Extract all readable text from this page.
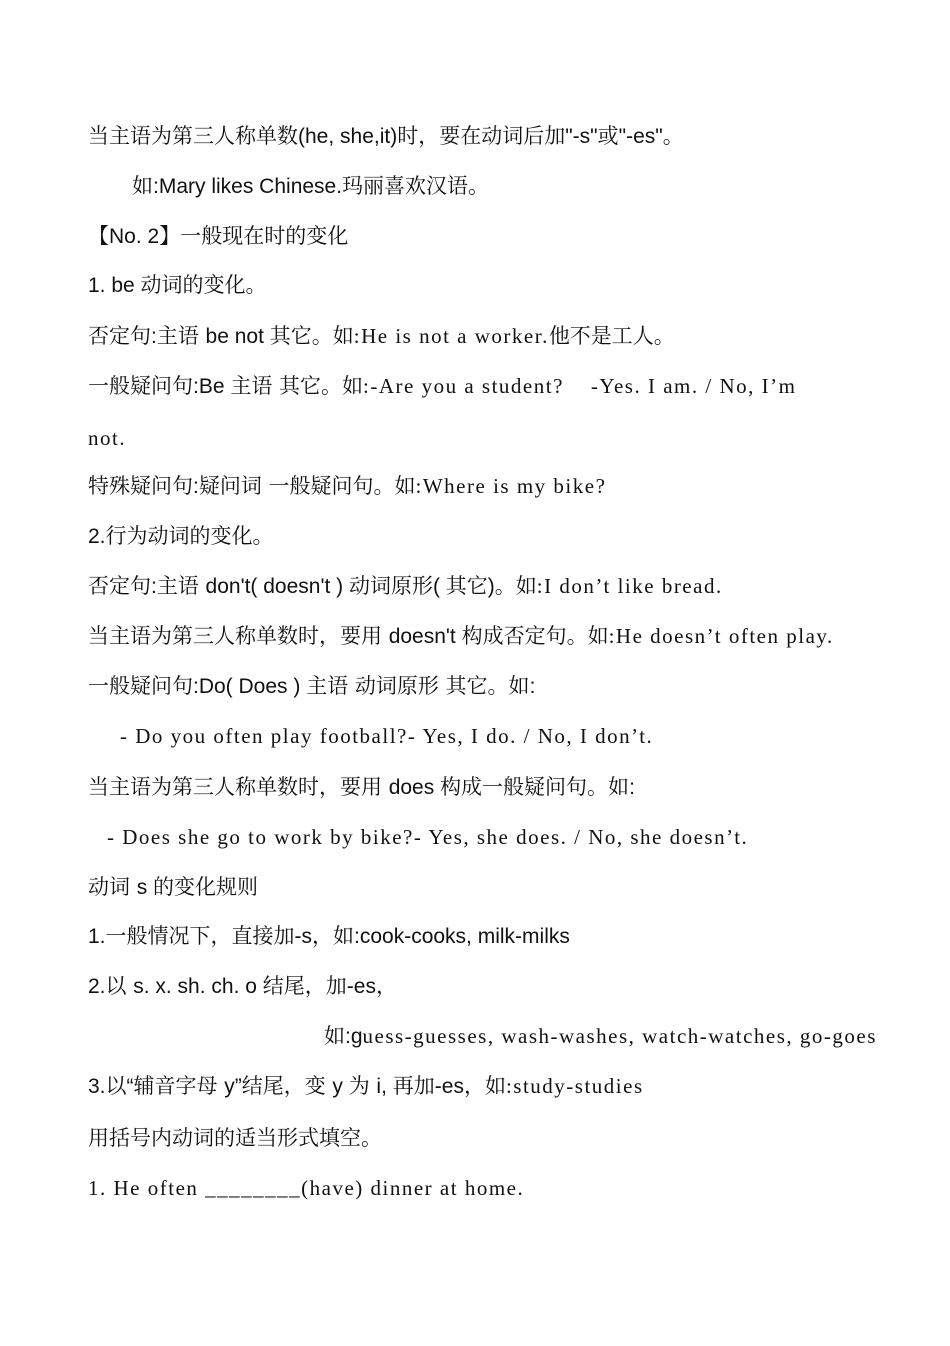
当主语为第三人称单数(he, she,it)时，要在动词后加"-s"或"-es"。
如:Mary likes Chinese.玛丽喜欢汉语。
【No. 2】一般现在时的变化
1. be 动词的变化。
否定句:主语 be not 其它。如:He is not a worker.他不是工人。
一般疑问句:Be 主语 其它。如:-Are you a student?    -Yes. I am. / No, I’m
not.
特殊疑问句:疑问词 一般疑问句。如:Where is my bike?
2.行为动词的变化。
否定句:主语 don't( doesn't ) 动词原形( 其它)。如:I don’t like bread.
当主语为第三人称单数时，要用 doesn't 构成否定句。如:He doesn’t often play.
一般疑问句:Do( Does ) 主语 动词原形 其它。如:
- Do you often play football?- Yes, I do. / No, I don’t.
当主语为第三人称单数时，要用 does 构成一般疑问句。如:
- Does she go to work by bike?- Yes, she does. / No, she doesn’t.
动词 s 的变化规则
1.一般情况下，直接加-s，如:cook-cooks, milk-milks
2.以 s. x. sh. ch. o 结尾，加-es，
如:guess-guesses, wash-washes, watch-watches, go-goes
3.以“辅音字母 y”结尾，变 y 为 i, 再加-es，如:study-studies
用括号内动词的适当形式填空。
1. He often ________(have) dinner at home.
